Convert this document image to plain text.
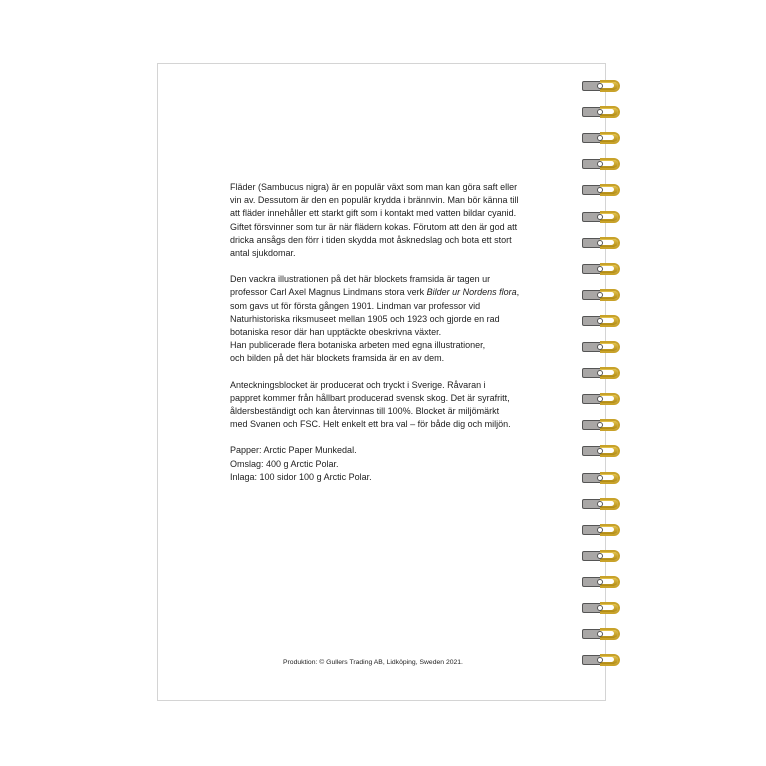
Fläder (Sambucus nigra) är en populär växt som man kan göra saft eller
vin av. Dessutom är den en populär krydda i brännvin. Man bör känna till
att fläder innehåller ett starkt gift som i kontakt med vatten bildar cyanid.
Giftet försvinner som tur är när flädern kokas. Förutom att den är god att
dricka ansågs den förr i tiden skydda mot åsknedslag och bota ett stort
antal sjukdomar.

Den vackra illustrationen på det här blockets framsida är tagen ur
professor Carl Axel Magnus Lindmans stora verk Bilder ur Nordens flora,
som gavs ut för första gången 1901. Lindman var professor vid
Naturhistoriska riksmuseet mellan 1905 och 1923 och gjorde en rad
botaniska resor där han upptäckte obeskrivna växter.
Han publicerade flera botaniska arbeten med egna illustrationer,
och bilden på det här blockets framsida är en av dem.

Anteckningsblocket är producerat och tryckt i Sverige. Råvaran i
pappret kommer från hållbart producerad svensk skog. Det är syrafritt,
åldersbeständigt och kan återvinnas till 100%. Blocket är miljömärkt
med Svanen och FSC. Helt enkelt ett bra val – för både dig och miljön.

Papper: Arctic Paper Munkedal.
Omslag: 400 g Arctic Polar.
Inlaga: 100 sidor 100 g Arctic Polar.

Produktion: © Gullers Trading AB, Lidköping, Sweden 2021.
